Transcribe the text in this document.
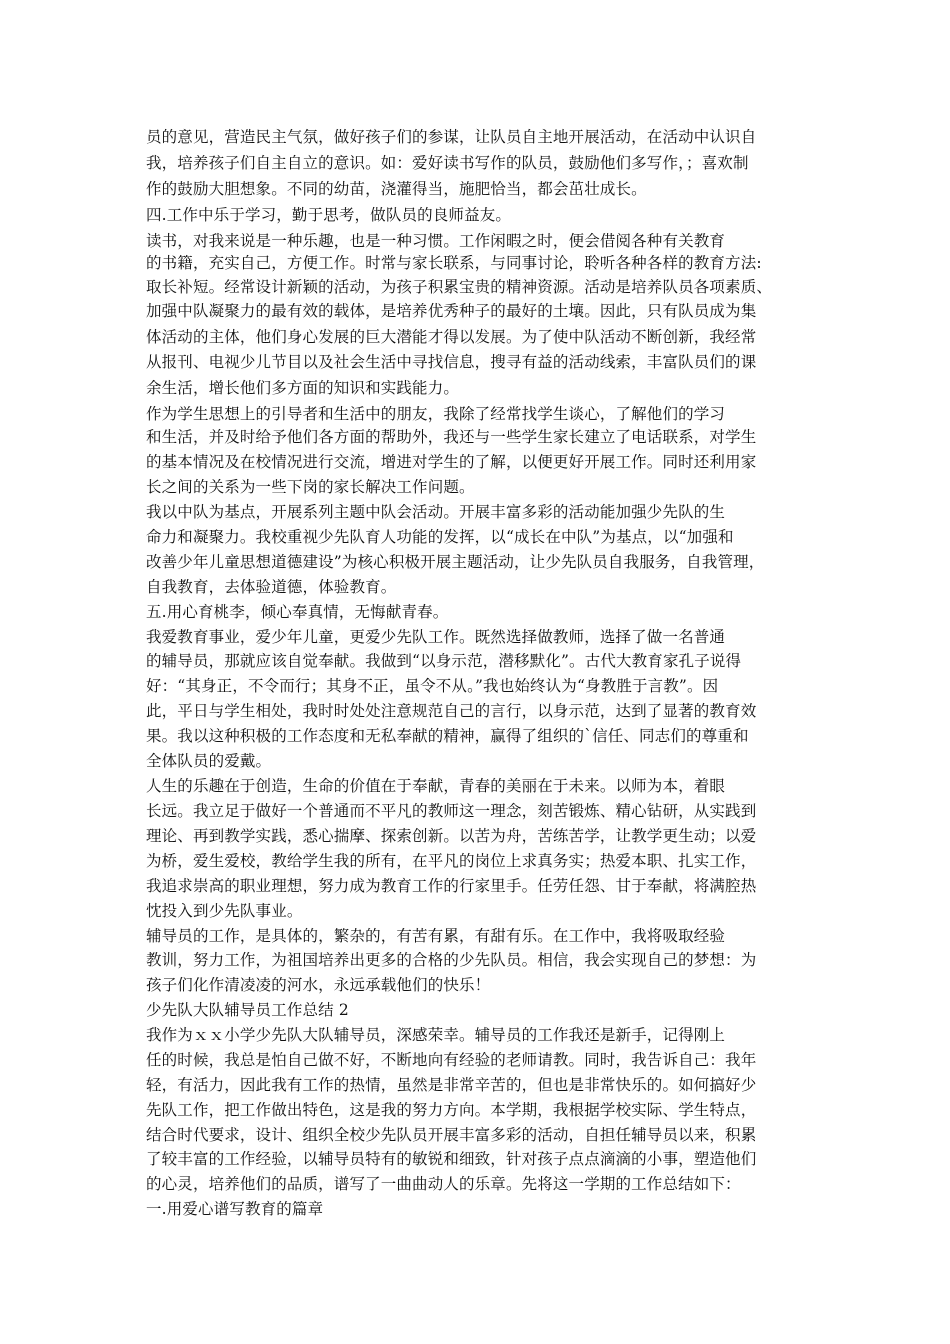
员的意见，营造民主气氛，做好孩子们的参谋，让队员自主地开展活动，在活动中认识自
我，培养孩子们自主自立的意识。如：爱好读书写作的队员，鼓励他们多写作，；喜欢制
作的鼓励大胆想象。不同的幼苗，浇灌得当，施肥恰当，都会茁壮成长。
四.工作中乐于学习，勤于思考，做队员的良师益友。
读书，对我来说是一种乐趣，也是一种习惯。工作闲暇之时，便会借阅各种有关教育
的书籍，充实自己，方便工作。时常与家长联系，与同事讨论，聆听各种各样的教育方法:
取长补短。经常设计新颖的活动，为孩子积累宝贵的精神资源。活动是培养队员各项素质、
加强中队凝聚力的最有效的载体，是培养优秀种子的最好的土壤。因此，只有队员成为集
体活动的主体，他们身心发展的巨大潜能才得以发展。为了使中队活动不断创新，我经常
从报刊、电视少儿节目以及社会生活中寻找信息，搜寻有益的活动线索，丰富队员们的课
余生活，增长他们多方面的知识和实践能力。
作为学生思想上的引导者和生活中的朋友，我除了经常找学生谈心，了解他们的学习
和生活，并及时给予他们各方面的帮助外，我还与一些学生家长建立了电话联系，对学生
的基本情况及在校情况进行交流，增进对学生的了解，以便更好开展工作。同时还利用家
长之间的关系为一些下岗的家长解决工作问题。
我以中队为基点，开展系列主题中队会活动。开展丰富多彩的活动能加强少先队的生
命力和凝聚力。我校重视少先队育人功能的发挥，以“成长在中队”为基点，以“加强和
改善少年儿童思想道德建设”为核心积极开展主题活动，让少先队员自我服务，自我管理，
自我教育，去体验道德，体验教育。
五.用心育桃李，倾心奉真情，无悔献青春。
我爱教育事业，爱少年儿童，更爱少先队工作。既然选择做教师，选择了做一名普通
的辅导员，那就应该自觉奉献。我做到“以身示范，潜移默化”。古代大教育家孔子说得
好：“其身正，不令而行；其身不正，虽令不从。”我也始终认为“身教胜于言教”。因
此，平日与学生相处，我时时处处注意规范自己的言行，以身示范，达到了显著的教育效
果。我以这种积极的工作态度和无私奉献的精神，赢得了组织的`信任、同志们的尊重和
全体队员的爱戴。
人生的乐趣在于创造，生命的价值在于奉献，青春的美丽在于未来。以师为本，着眼
长远。我立足于做好一个普通而不平凡的教师这一理念，刻苦锻炼、精心钻研，从实践到
理论、再到教学实践，悉心揣摩、探索创新。以苦为舟，苦练苦学，让教学更生动；以爱
为桥，爱生爱校，教给学生我的所有，在平凡的岗位上求真务实；热爱本职、扎实工作，
我追求崇高的职业理想，努力成为教育工作的行家里手。任劳任怨、甘于奉献，将满腔热
忱投入到少先队事业。
辅导员的工作，是具体的，繁杂的，有苦有累，有甜有乐。在工作中，我将吸取经验
教训，努力工作，为祖国培养出更多的合格的少先队员。相信，我会实现自己的梦想：为
孩子们化作清凌凌的河水，永远承载他们的快乐！
少先队大队辅导员工作总结 2
我作为ｘｘ小学少先队大队辅导员，深感荣幸。辅导员的工作我还是新手，记得刚上
任的时候，我总是怕自己做不好，不断地向有经验的老师请教。同时，我告诉自己：我年
轻，有活力，因此我有工作的热情，虽然是非常辛苦的，但也是非常快乐的。如何搞好少
先队工作，把工作做出特色，这是我的努力方向。本学期，我根据学校实际、学生特点，
结合时代要求，设计、组织全校少先队员开展丰富多彩的活动，自担任辅导员以来，积累
了较丰富的工作经验，以辅导员特有的敏锐和细致，针对孩子点点滴滴的小事，塑造他们
的心灵，培养他们的品质，谱写了一曲曲动人的乐章。先将这一学期的工作总结如下：
一.用爱心谱写教育的篇章
